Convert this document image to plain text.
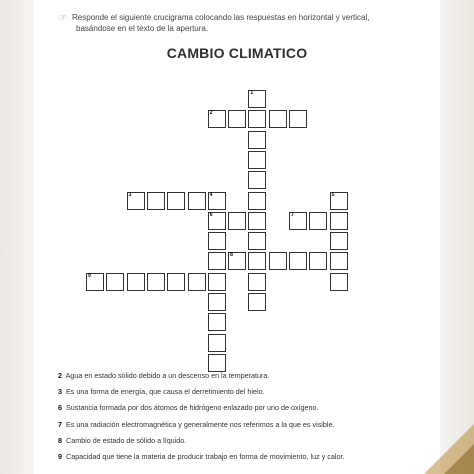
☞ Responde el siguiente crucigrama colocando las respuestas en horizontal y vertical,
basándose en el texto de la apertura.
CAMBIO CLIMATICO
1
2
3	4	5
6	7
8
9
2 Agua en estado sólido debido a un descenso en la temperatura.
3 Es una forma de energía, que causa el derretimiento del hielo.
6 Sustancia formada por dos átomos de hidrógeno enlazado por uno de oxígeno.
7 Es una radiación electromagnética y generalmente nos referimos a la que es visible.
8 Cambio de estado de sólido a líquido.
9 Capacidad que tiene la materia de producir trabajo en forma de movimiento, luz y calor.
